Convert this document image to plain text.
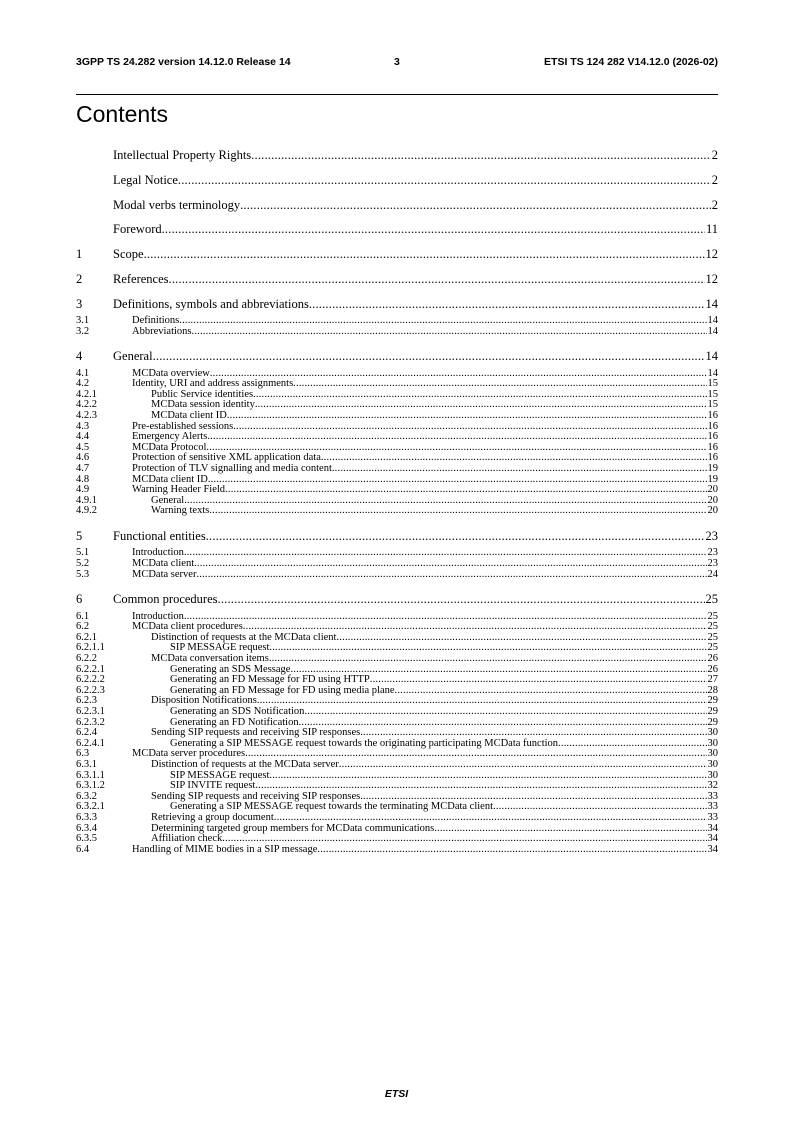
3GPP TS 24.282 version 14.12.0 Release 14	3	ETSI TS 124 282 V14.12.0 (2026-02)
Contents
Intellectual Property Rights .....	2
Legal Notice .....	2
Modal verbs terminology .....	2
Foreword .....	11
1	Scope .....	12
2	References .....	12
3	Definitions, symbols and abbreviations .....	14
3.1	Definitions .....	14
3.2	Abbreviations .....	14
4	General .....	14
4.1	MCData overview .....	14
4.2	Identity, URI and address assignments .....	15
4.2.1	Public Service identities .....	15
4.2.2	MCData session identity .....	15
4.2.3	MCData client ID .....	16
4.3	Pre-established sessions .....	16
4.4	Emergency Alerts .....	16
4.5	MCData Protocol .....	16
4.6	Protection of sensitive XML application data .....	16
4.7	Protection of TLV signalling and media content .....	19
4.8	MCData client ID .....	19
4.9	Warning Header Field .....	20
4.9.1	General .....	20
4.9.2	Warning texts .....	20
5	Functional entities .....	23
5.1	Introduction .....	23
5.2	MCData client .....	23
5.3	MCData server .....	24
6	Common procedures .....	25
6.1	Introduction .....	25
6.2	MCData client procedures .....	25
6.2.1	Distinction of requests at the MCData client .....	25
6.2.1.1	SIP MESSAGE request .....	25
6.2.2	MCData conversation items .....	26
6.2.2.1	Generating an SDS Message .....	26
6.2.2.2	Generating an FD Message for FD using HTTP .....	27
6.2.2.3	Generating an FD Message for FD using media plane .....	28
6.2.3	Disposition Notifications .....	29
6.2.3.1	Generating an SDS Notification .....	29
6.2.3.2	Generating an FD Notification .....	29
6.2.4	Sending SIP requests and receiving SIP responses .....	30
6.2.4.1	Generating a SIP MESSAGE request towards the originating participating MCData function .....	30
6.3	MCData server procedures .....	30
6.3.1	Distinction of requests at the MCData server .....	30
6.3.1.1	SIP MESSAGE request .....	30
6.3.1.2	SIP INVITE request .....	32
6.3.2	Sending SIP requests and receiving SIP responses .....	33
6.3.2.1	Generating a SIP MESSAGE request towards the terminating MCData client .....	33
6.3.3	Retrieving a group document .....	33
6.3.4	Determining targeted group members for MCData communications .....	34
6.3.5	Affiliation check .....	34
6.4	Handling of MIME bodies in a SIP message .....	34
ETSI
